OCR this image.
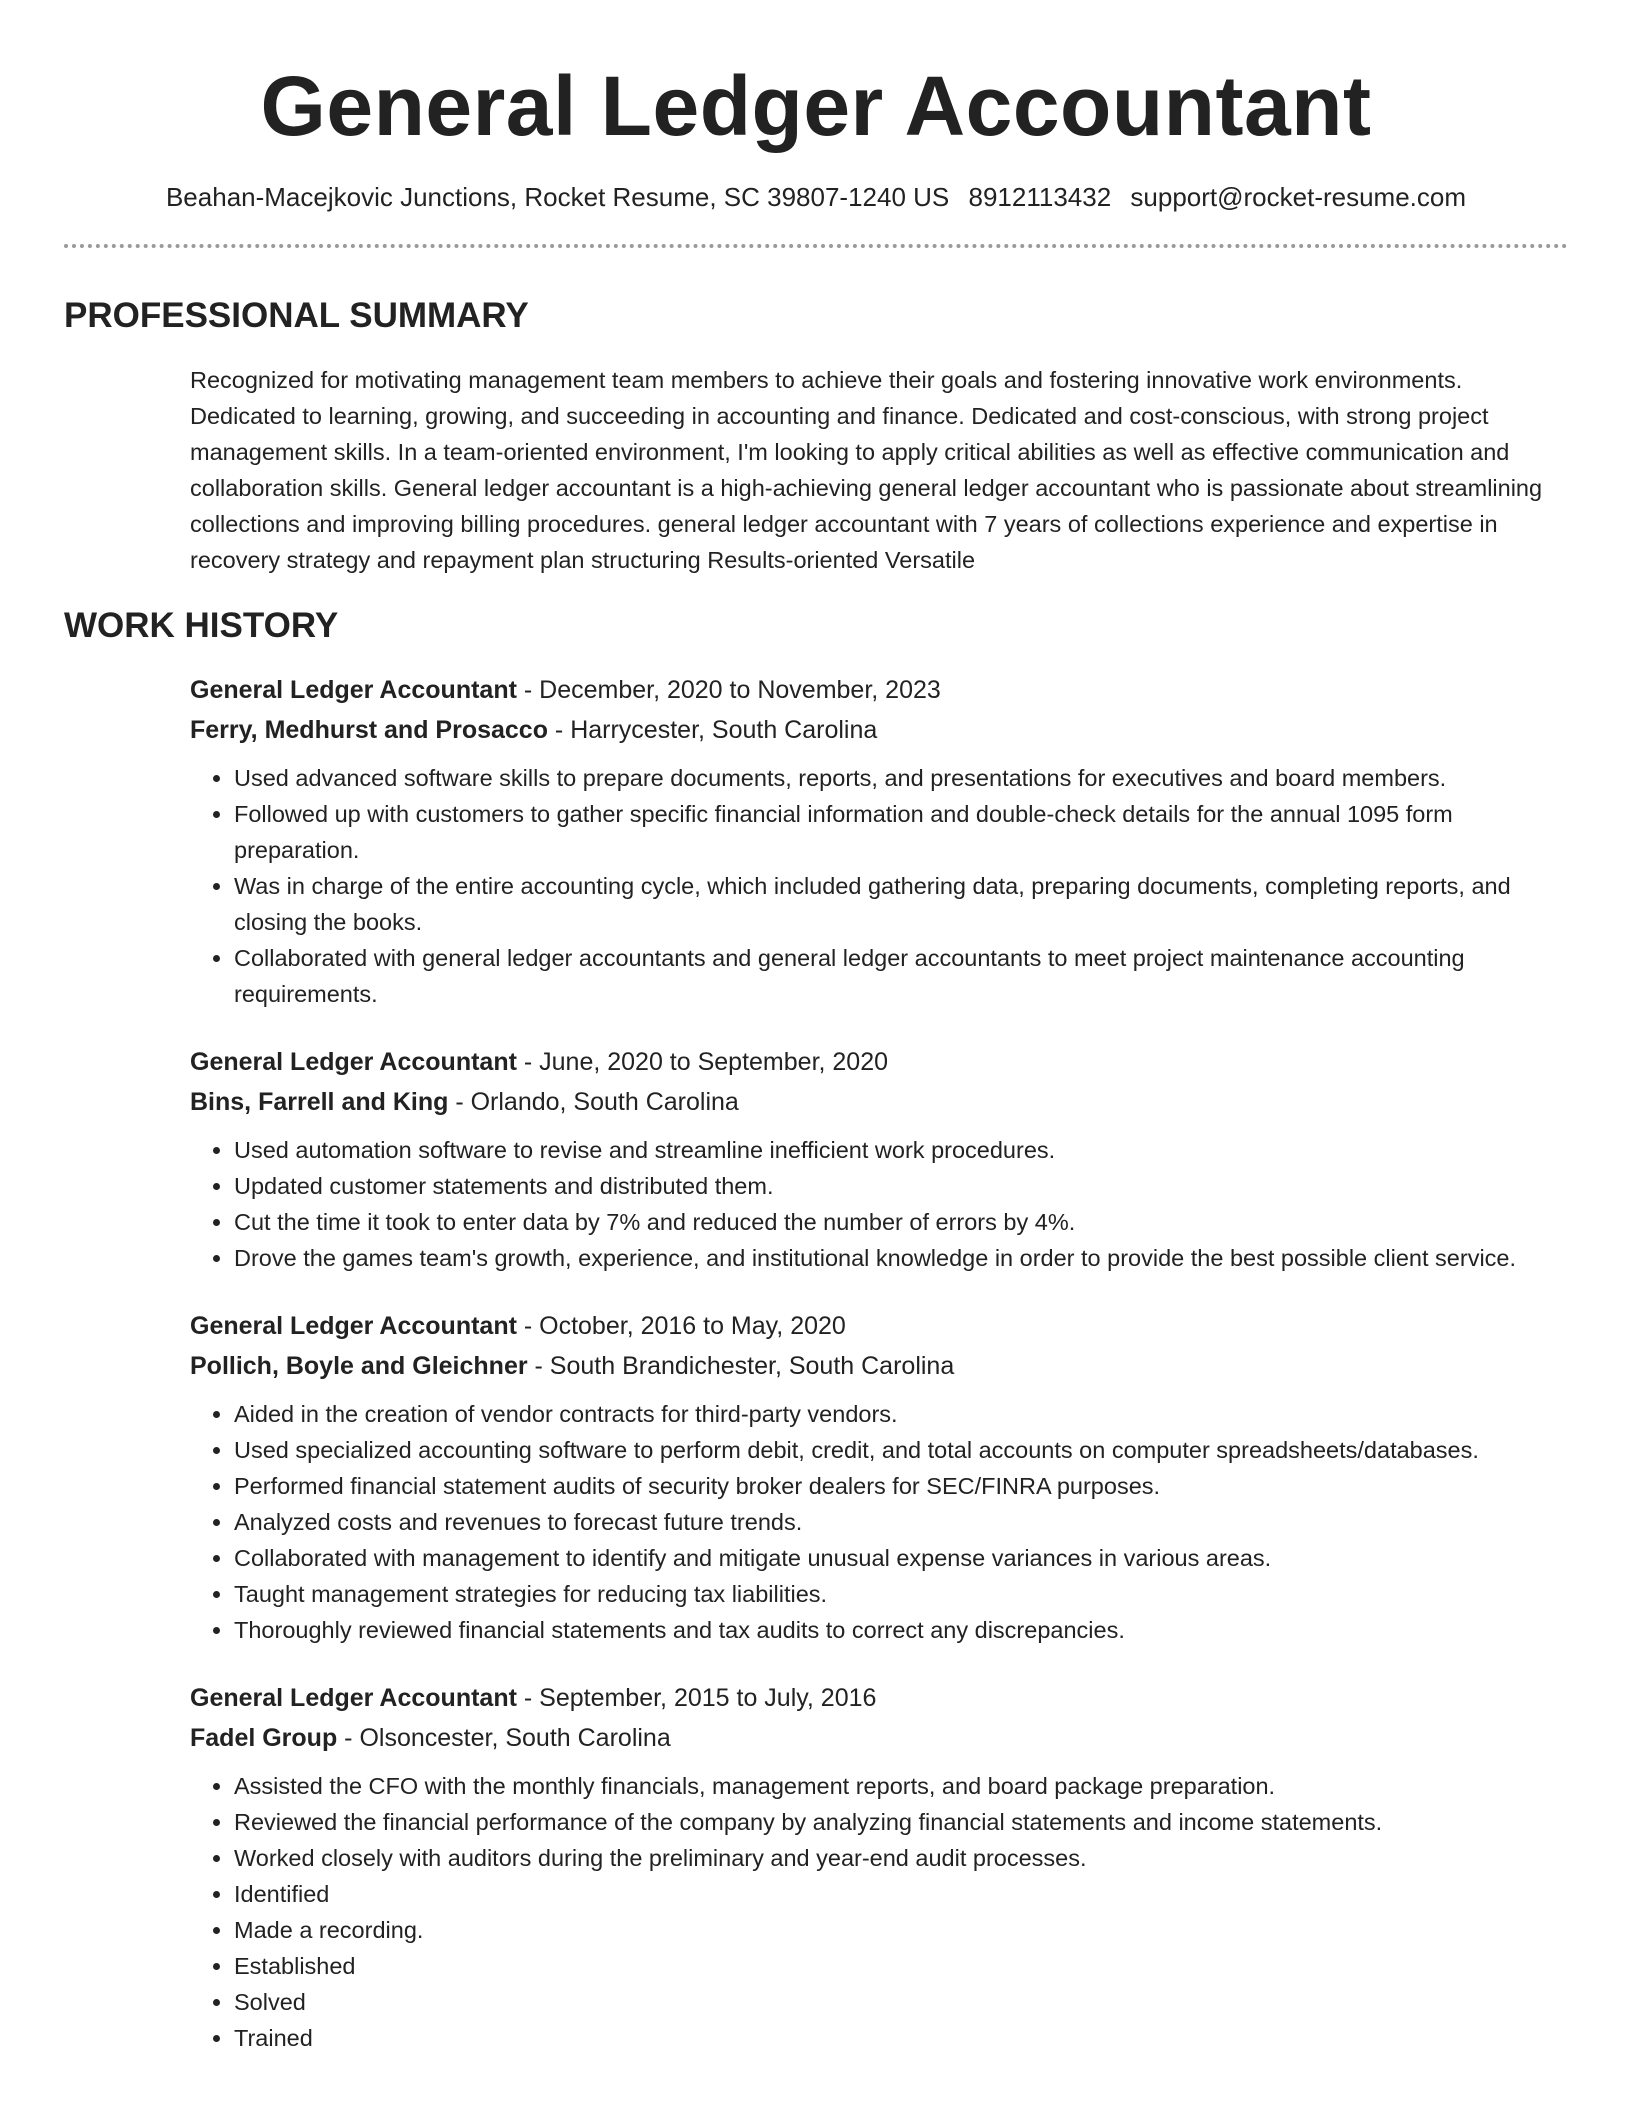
General Ledger Accountant
Beahan-Macejkovic Junctions, Rocket Resume, SC 39807-1240 US 8912113432 support@rocket-resume.com
PROFESSIONAL SUMMARY

Recognized for motivating management team members to achieve their goals and fostering innovative work environments. Dedicated to learning, growing, and succeeding in accounting and finance. Dedicated and cost-conscious, with strong project management skills. In a team-oriented environment, I'm looking to apply critical abilities as well as effective communication and collaboration skills. General ledger accountant is a high-achieving general ledger accountant who is passionate about streamlining collections and improving billing procedures. general ledger accountant with 7 years of collections experience and expertise in recovery strategy and repayment plan structuring Results-oriented Versatile

WORK HISTORY
General Ledger Accountant - December, 2020 to November, 2023
Ferry, Medhurst and Prosacco - Harrycester, South Carolina
• Used advanced software skills to prepare documents, reports, and presentations for executives and board members.
• Followed up with customers to gather specific financial information and double-check details for the annual 1095 form preparation.
• Was in charge of the entire accounting cycle, which included gathering data, preparing documents, completing reports, and closing the books.
• Collaborated with general ledger accountants and general ledger accountants to meet project maintenance accounting requirements.
General Ledger Accountant - June, 2020 to September, 2020
Bins, Farrell and King - Orlando, South Carolina
• Used automation software to revise and streamline inefficient work procedures.
• Updated customer statements and distributed them.
• Cut the time it took to enter data by 7% and reduced the number of errors by 4%.
• Drove the games team's growth, experience, and institutional knowledge in order to provide the best possible client service.
General Ledger Accountant - October, 2016 to May, 2020
Pollich, Boyle and Gleichner - South Brandichester, South Carolina
• Aided in the creation of vendor contracts for third-party vendors.
• Used specialized accounting software to perform debit, credit, and total accounts on computer spreadsheets/databases.
• Performed financial statement audits of security broker dealers for SEC/FINRA purposes.
• Analyzed costs and revenues to forecast future trends.
• Collaborated with management to identify and mitigate unusual expense variances in various areas.
• Taught management strategies for reducing tax liabilities.
• Thoroughly reviewed financial statements and tax audits to correct any discrepancies.
General Ledger Accountant - September, 2015 to July, 2016
Fadel Group - Olsoncester, South Carolina
• Assisted the CFO with the monthly financials, management reports, and board package preparation.
• Reviewed the financial performance of the company by analyzing financial statements and income statements.
• Worked closely with auditors during the preliminary and year-end audit processes.
• Identified
• Made a recording.
• Established
• Solved
• Trained
